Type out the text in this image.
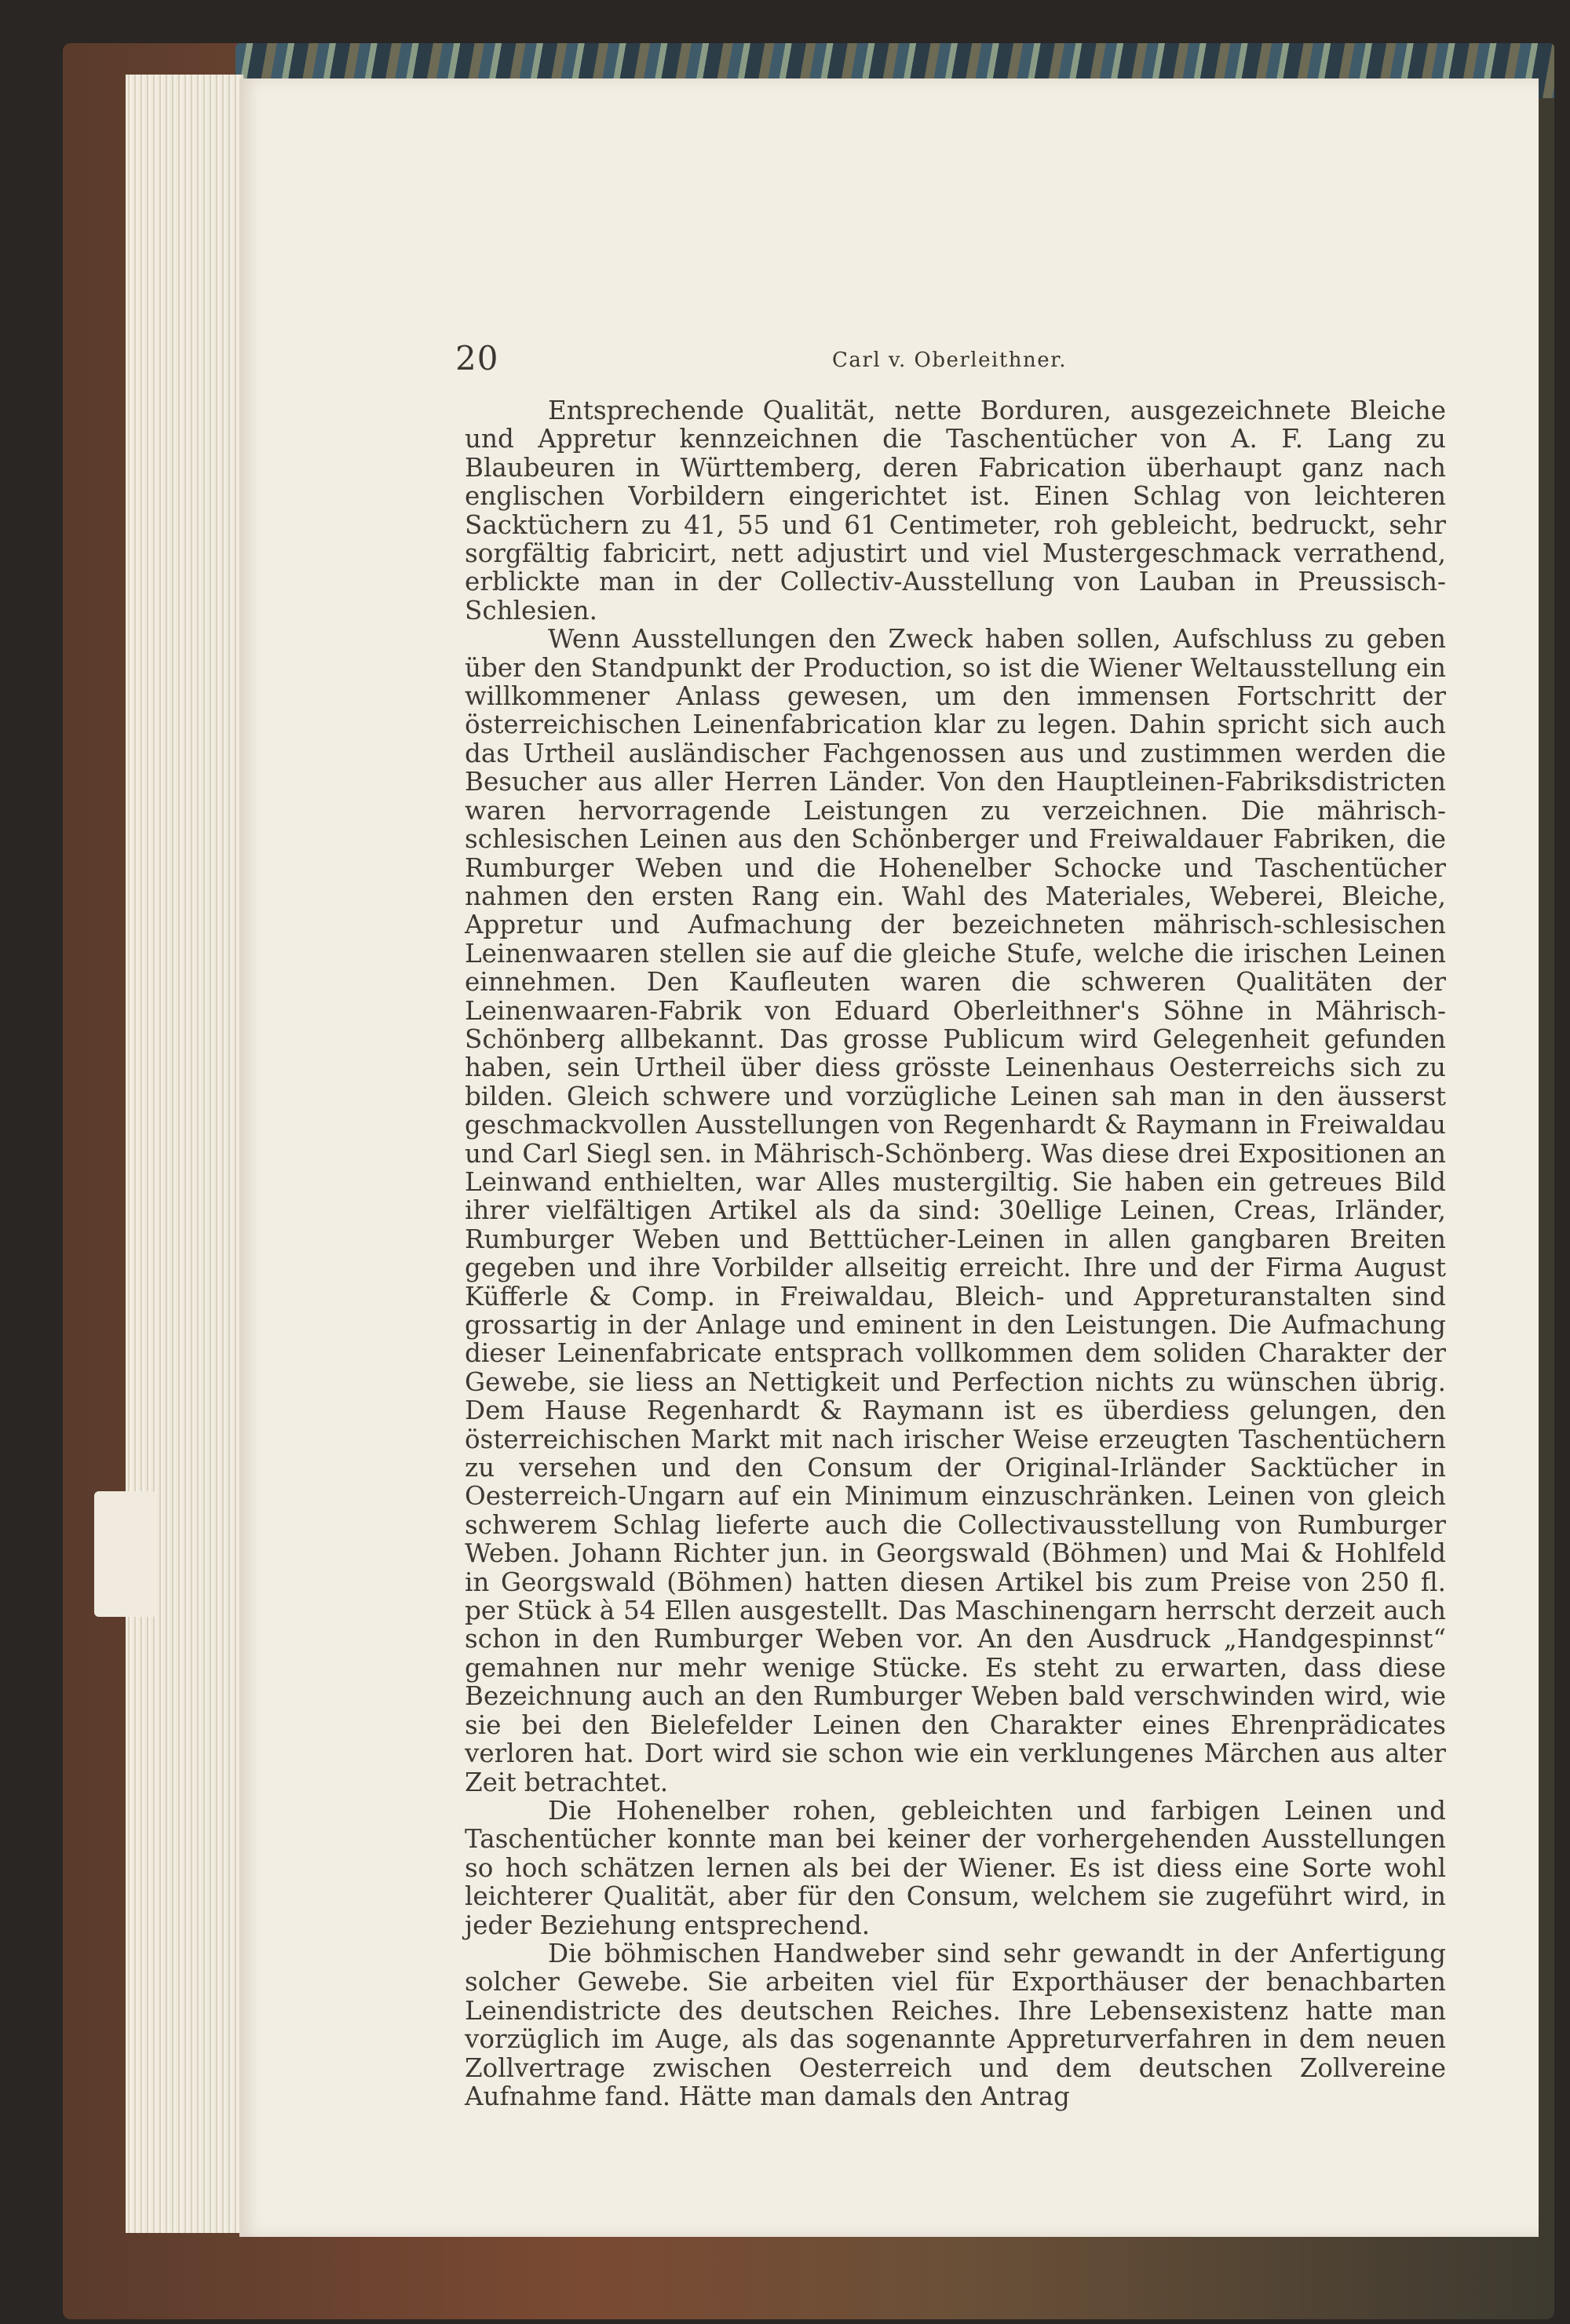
20	Carl v. Oberleithner.

Entsprechende Qualität, nette Borduren, ausgezeichnete Bleiche und Appretur kennzeichnen die Taschentücher von A. F. Lang zu Blaubeuren in Württemberg, deren Fabrication überhaupt ganz nach englischen Vorbildern eingerichtet ist. Einen Schlag von leichteren Sacktüchern zu 41, 55 und 61 Centimeter, roh gebleicht, bedruckt, sehr sorgfältig fabricirt, nett adjustirt und viel Mustergeschmack verrathend, erblickte man in der Collectiv-Ausstellung von Lauban in Preussisch-Schlesien.

Wenn Ausstellungen den Zweck haben sollen, Aufschluss zu geben über den Standpunkt der Production, so ist die Wiener Weltausstellung ein willkommener Anlass gewesen, um den immensen Fortschritt der österreichischen Leinenfabrication klar zu legen. Dahin spricht sich auch das Urtheil ausländischer Fachgenossen aus und zustimmen werden die Besucher aus aller Herren Länder. Von den Hauptleinen-Fabriksdistricten waren hervorragende Leistungen zu verzeichnen. Die mährisch-schlesischen Leinen aus den Schönberger und Freiwaldauer Fabriken, die Rumburger Weben und die Hohenelber Schocke und Taschentücher nahmen den ersten Rang ein. Wahl des Materiales, Weberei, Bleiche, Appretur und Aufmachung der bezeichneten mährisch-schlesischen Leinenwaaren stellen sie auf die gleiche Stufe, welche die irischen Leinen einnehmen. Den Kaufleuten waren die schweren Qualitäten der Leinenwaaren-Fabrik von Eduard Oberleithner's Söhne in Mährisch-Schönberg allbekannt. Das grosse Publicum wird Gelegenheit gefunden haben, sein Urtheil über diess grösste Leinenhaus Oesterreichs sich zu bilden. Gleich schwere und vorzügliche Leinen sah man in den äusserst geschmackvollen Ausstellungen von Regenhardt & Raymann in Freiwaldau und Carl Siegl sen. in Mährisch-Schönberg. Was diese drei Expositionen an Leinwand enthielten, war Alles mustergiltig. Sie haben ein getreues Bild ihrer vielfältigen Artikel als da sind: 30ellige Leinen, Creas, Irländer, Rumburger Weben und Betttücher-Leinen in allen gangbaren Breiten gegeben und ihre Vorbilder allseitig erreicht. Ihre und der Firma August Küfferle & Comp. in Freiwaldau, Bleich- und Appreturanstalten sind grossartig in der Anlage und eminent in den Leistungen. Die Aufmachung dieser Leinenfabricate entsprach vollkommen dem soliden Charakter der Gewebe, sie liess an Nettigkeit und Perfection nichts zu wünschen übrig. Dem Hause Regenhardt & Raymann ist es überdiess gelungen, den österreichischen Markt mit nach irischer Weise erzeugten Taschentüchern zu versehen und den Consum der Original-Irländer Sacktücher in Oesterreich-Ungarn auf ein Minimum einzuschränken. Leinen von gleich schwerem Schlag lieferte auch die Collectivausstellung von Rumburger Weben. Johann Richter jun. in Georgswald (Böhmen) und Mai & Hohlfeld in Georgswald (Böhmen) hatten diesen Artikel bis zum Preise von 250 fl. per Stück à 54 Ellen ausgestellt. Das Maschinengarn herrscht derzeit auch schon in den Rumburger Weben vor. An den Ausdruck „Handgespinnst“ gemahnen nur mehr wenige Stücke. Es steht zu erwarten, dass diese Bezeichnung auch an den Rumburger Weben bald verschwinden wird, wie sie bei den Bielefelder Leinen den Charakter eines Ehrenprädicates verloren hat. Dort wird sie schon wie ein verklungenes Märchen aus alter Zeit betrachtet.

Die Hohenelber rohen, gebleichten und farbigen Leinen und Taschentücher konnte man bei keiner der vorhergehenden Ausstellungen so hoch schätzen lernen als bei der Wiener. Es ist diess eine Sorte wohl leichterer Qualität, aber für den Consum, welchem sie zugeführt wird, in jeder Beziehung entsprechend.

Die böhmischen Handweber sind sehr gewandt in der Anfertigung solcher Gewebe. Sie arbeiten viel für Exporthäuser der benachbarten Leinendistricte des deutschen Reiches. Ihre Lebensexistenz hatte man vorzüglich im Auge, als das sogenannte Appreturverfahren in dem neuen Zollvertrage zwischen Oesterreich und dem deutschen Zollvereine Aufnahme fand. Hätte man damals den Antrag
